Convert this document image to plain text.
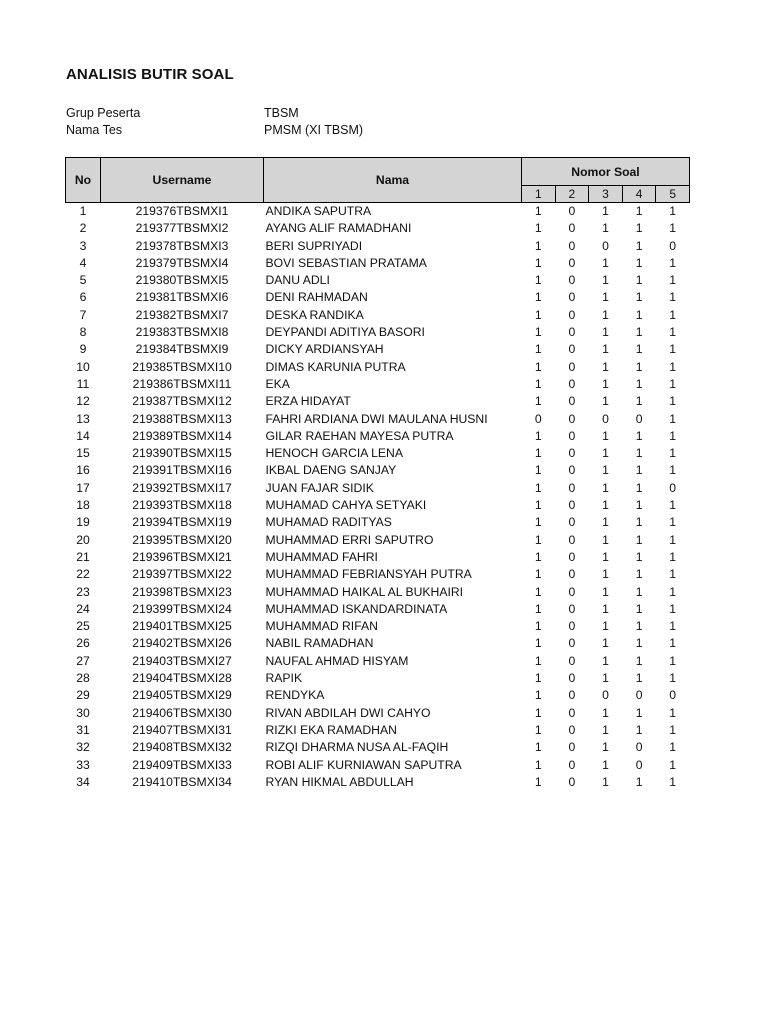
ANALISIS BUTIR SOAL
Grup Peserta	TBSM
Nama Tes	PMSM (XI TBSM)
No	Username	Nama	Nomor Soal				
			1	2	3	4	5
1	219376TBSMXI1	ANDIKA SAPUTRA	1	0	1	1	1
2	219377TBSMXI2	AYANG ALIF RAMADHANI	1	0	1	1	1
3	219378TBSMXI3	BERI SUPRIYADI	1	0	0	1	0
4	219379TBSMXI4	BOVI SEBASTIAN PRATAMA	1	0	1	1	1
5	219380TBSMXI5	DANU ADLI	1	0	1	1	1
6	219381TBSMXI6	DENI RAHMADAN	1	0	1	1	1
7	219382TBSMXI7	DESKA RANDIKA	1	0	1	1	1
8	219383TBSMXI8	DEYPANDI ADITIYA BASORI	1	0	1	1	1
9	219384TBSMXI9	DICKY ARDIANSYAH	1	0	1	1	1
10	219385TBSMXI10	DIMAS KARUNIA PUTRA	1	0	1	1	1
11	219386TBSMXI11	EKA	1	0	1	1	1
12	219387TBSMXI12	ERZA HIDAYAT	1	0	1	1	1
13	219388TBSMXI13	FAHRI ARDIANA DWI MAULANA HUSNI	0	0	0	0	1
14	219389TBSMXI14	GILAR RAEHAN MAYESA PUTRA	1	0	1	1	1
15	219390TBSMXI15	HENOCH GARCIA LENA	1	0	1	1	1
16	219391TBSMXI16	IKBAL DAENG SANJAY	1	0	1	1	1
17	219392TBSMXI17	JUAN FAJAR SIDIK	1	0	1	1	0
18	219393TBSMXI18	MUHAMAD CAHYA SETYAKI	1	0	1	1	1
19	219394TBSMXI19	MUHAMAD RADITYAS	1	0	1	1	1
20	219395TBSMXI20	MUHAMMAD ERRI SAPUTRO	1	0	1	1	1
21	219396TBSMXI21	MUHAMMAD FAHRI	1	0	1	1	1
22	219397TBSMXI22	MUHAMMAD FEBRIANSYAH PUTRA	1	0	1	1	1
23	219398TBSMXI23	MUHAMMAD HAIKAL AL BUKHAIRI	1	0	1	1	1
24	219399TBSMXI24	MUHAMMAD ISKANDARDINATA	1	0	1	1	1
25	219401TBSMXI25	MUHAMMAD RIFAN	1	0	1	1	1
26	219402TBSMXI26	NABIL RAMADHAN	1	0	1	1	1
27	219403TBSMXI27	NAUFAL AHMAD HISYAM	1	0	1	1	1
28	219404TBSMXI28	RAPIK	1	0	1	1	1
29	219405TBSMXI29	RENDYKA	1	0	0	0	0
30	219406TBSMXI30	RIVAN ABDILAH DWI CAHYO	1	0	1	1	1
31	219407TBSMXI31	RIZKI EKA RAMADHAN	1	0	1	1	1
32	219408TBSMXI32	RIZQI DHARMA NUSA AL-FAQIH	1	0	1	0	1
33	219409TBSMXI33	ROBI ALIF KURNIAWAN SAPUTRA	1	0	1	0	1
34	219410TBSMXI34	RYAN HIKMAL ABDULLAH	1	0	1	1	1
